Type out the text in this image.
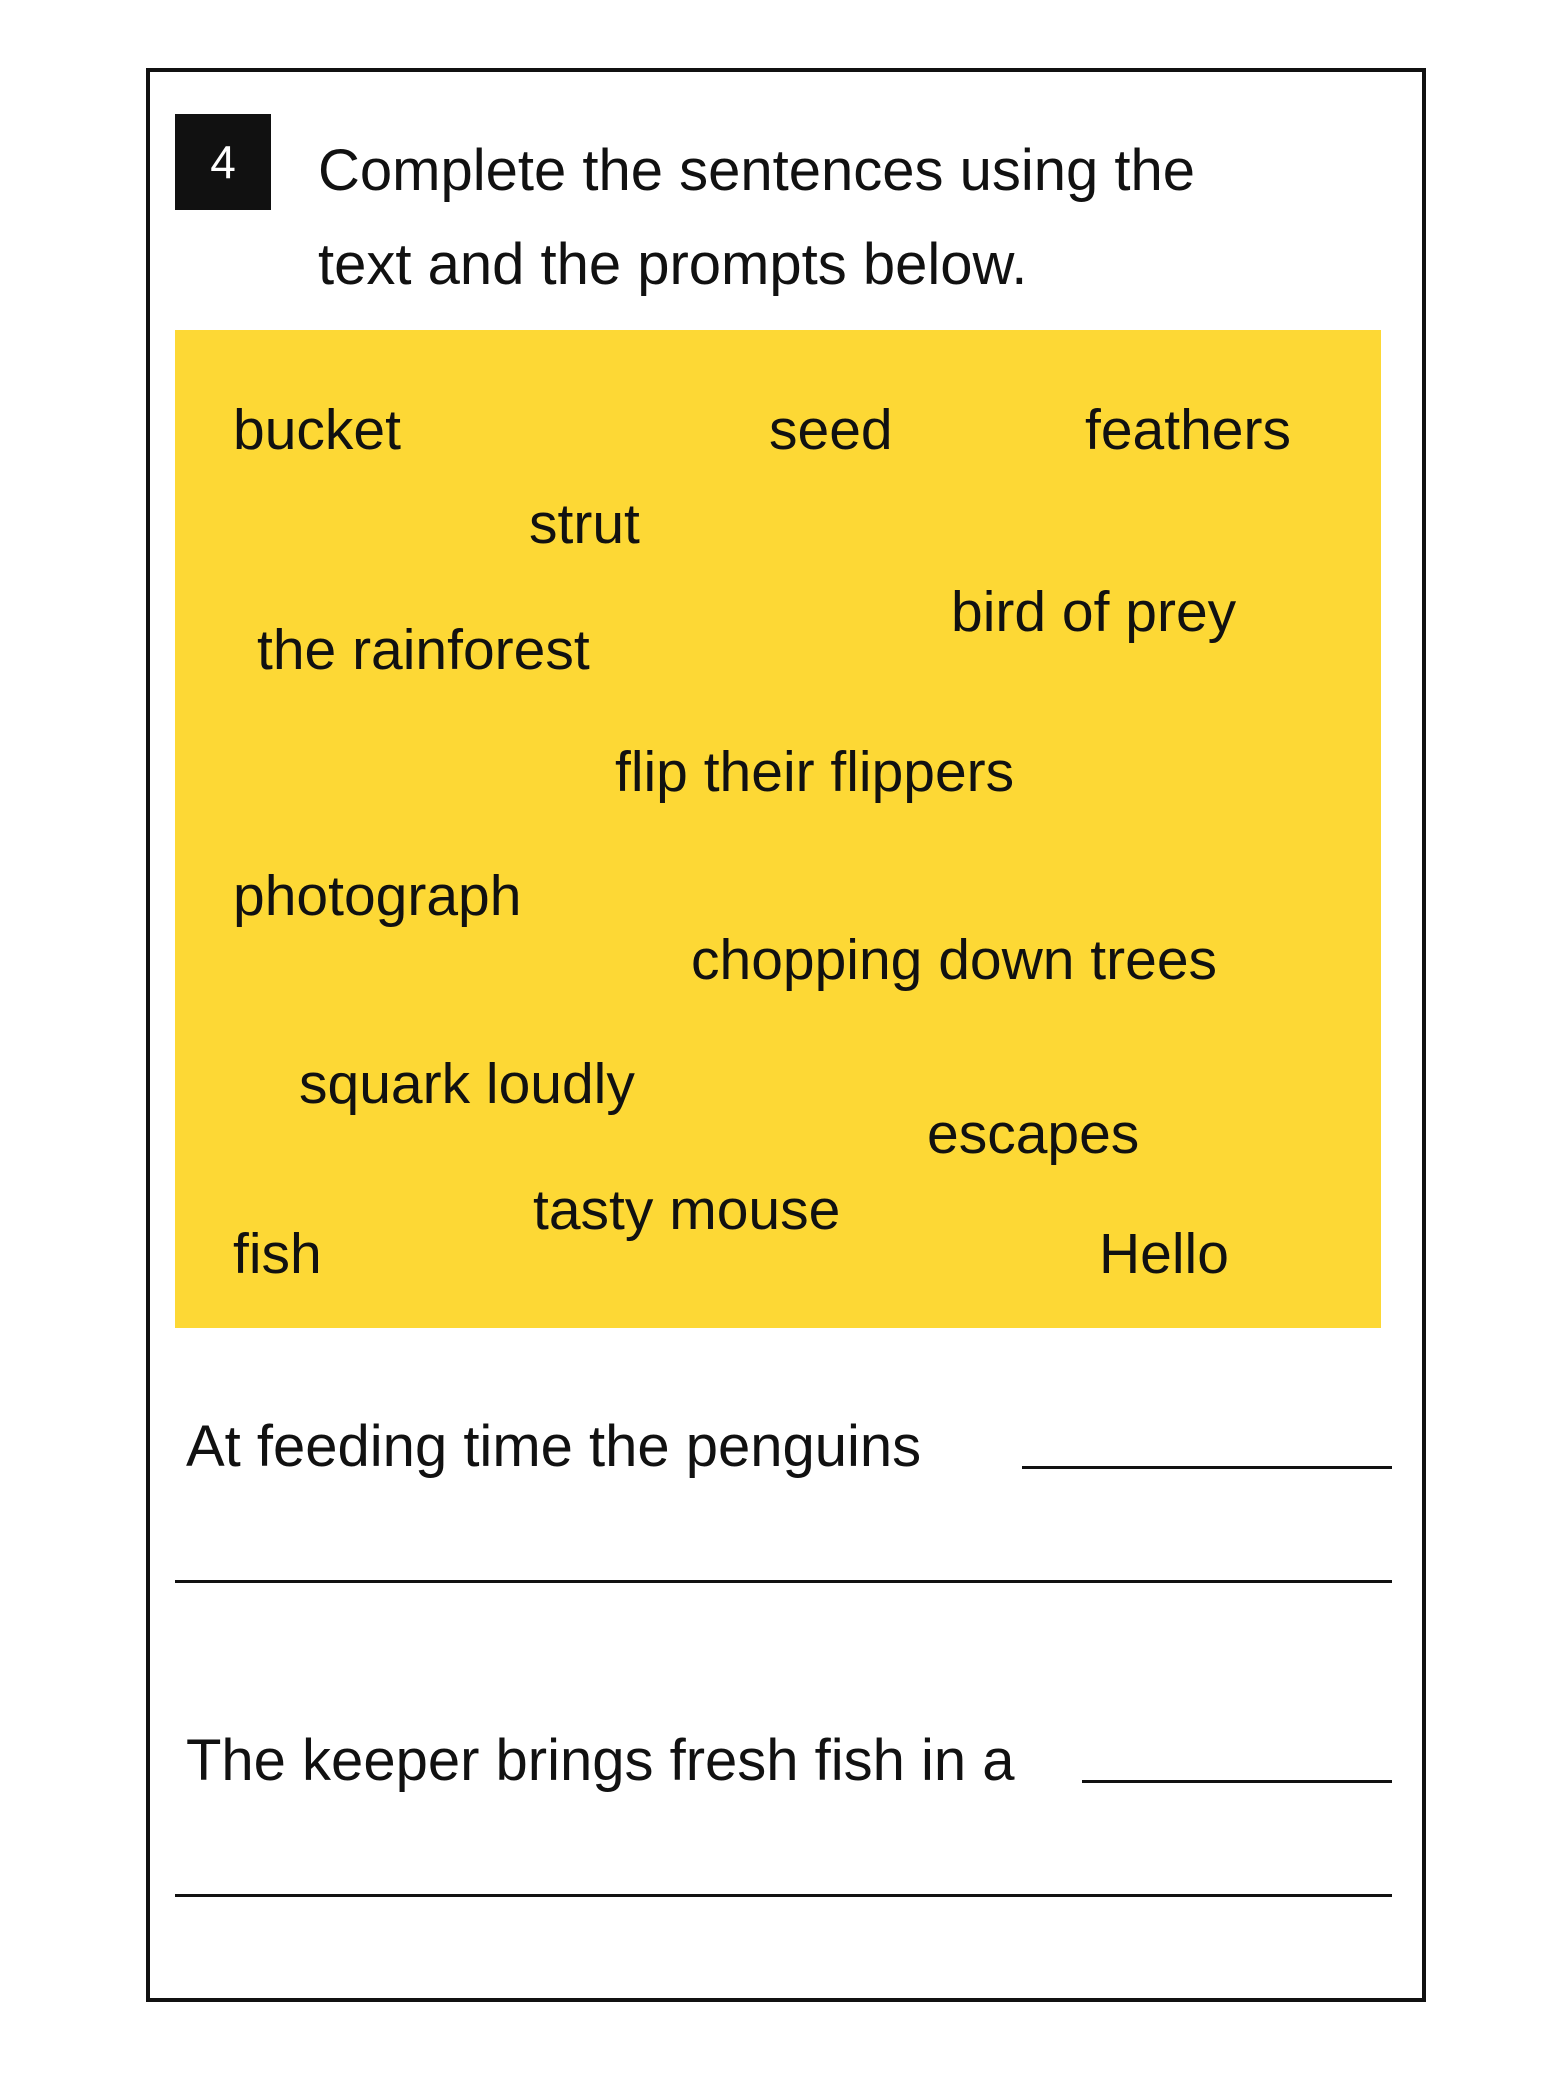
4	Complete the sentences using the
text and the prompts below.

bucket	seed	feathers
strut
bird of prey
the rainforest
flip their flippers
photograph
chopping down trees
squark loudly
escapes
tasty mouse
fish	Hello
At feeding time the penguins
The keeper brings fresh fish in a
